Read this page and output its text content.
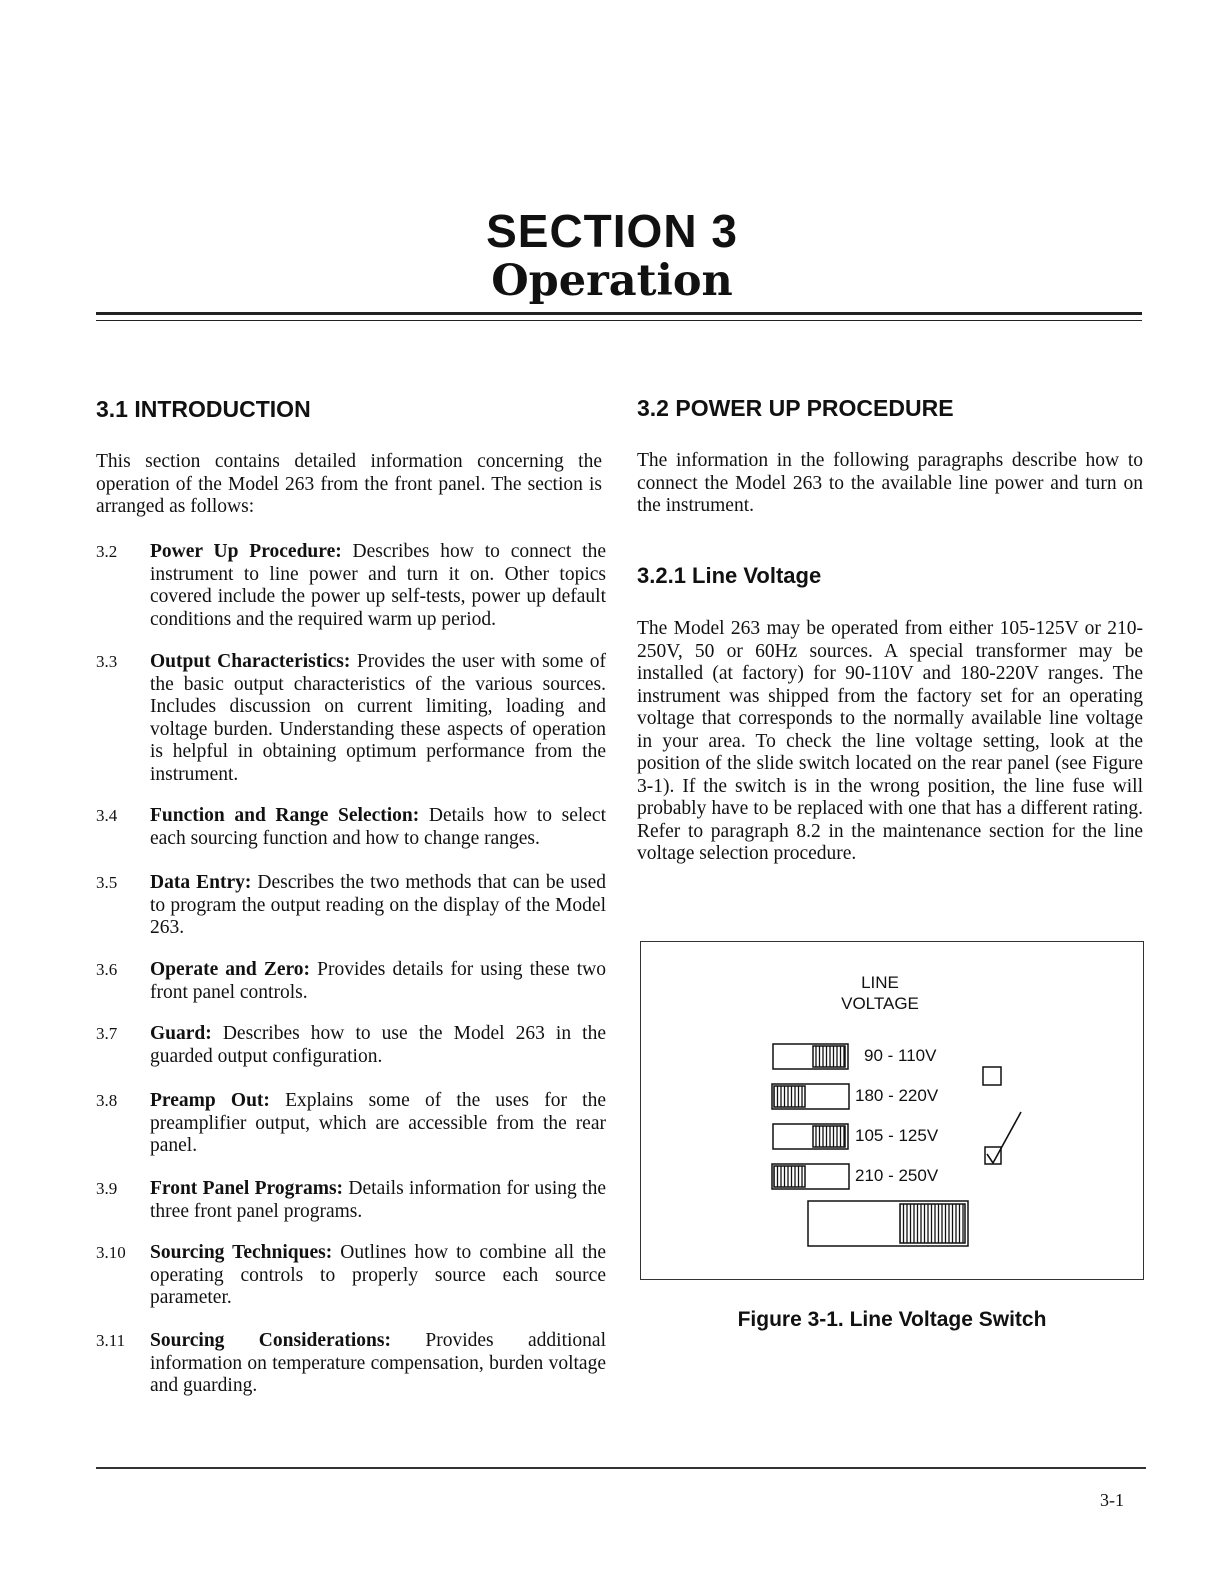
SECTION 3
Operation
3.1 INTRODUCTION
This section contains detailed information concerning the operation of the Model 263 from the front panel. The section is arranged as follows:
3.2	Power Up Procedure: Describes how to connect the instrument to line power and turn it on. Other topics covered include the power up self-tests, power up default conditions and the required warm up period.
3.3	Output Characteristics: Provides the user with some of the basic output characteristics of the various sources. Includes discussion on current limiting, loading and voltage burden. Understanding these aspects of operation is helpful in obtaining optimum performance from the instrument.
3.4	Function and Range Selection: Details how to select each sourcing function and how to change ranges.
3.5	Data Entry: Describes the two methods that can be used to program the output reading on the display of the Model 263.
3.6	Operate and Zero: Provides details for using these two front panel controls.
3.7	Guard: Describes how to use the Model 263 in the guarded output configuration.
3.8	Preamp Out: Explains some of the uses for the preamplifier output, which are accessible from the rear panel.
3.9	Front Panel Programs: Details information for using the three front panel programs.
3.10	Sourcing Techniques: Outlines how to combine all the operating controls to properly source each source parameter.
3.11	Sourcing Considerations: Provides additional information on temperature compensation, burden voltage and guarding.
3.2 POWER UP PROCEDURE
The information in the following paragraphs describe how to connect the Model 263 to the available line power and turn on the instrument.
3.2.1 Line Voltage
The Model 263 may be operated from either 105-125V or 210-250V, 50 or 60Hz sources. A special transformer may be installed (at factory) for 90-110V and 180-220V ranges. The instrument was shipped from the factory set for an operating voltage that corresponds to the normally available line voltage in your area. To check the line voltage setting, look at the position of the slide switch located on the rear panel (see Figure 3-1). If the switch is in the wrong position, the line fuse will probably have to be replaced with one that has a different rating. Refer to paragraph 8.2 in the maintenance section for the line voltage selection procedure.
LINE
VOLTAGE
90 - 110V
180 - 220V
105 - 125V
210 - 250V
Figure 3-1. Line Voltage Switch
3-1
